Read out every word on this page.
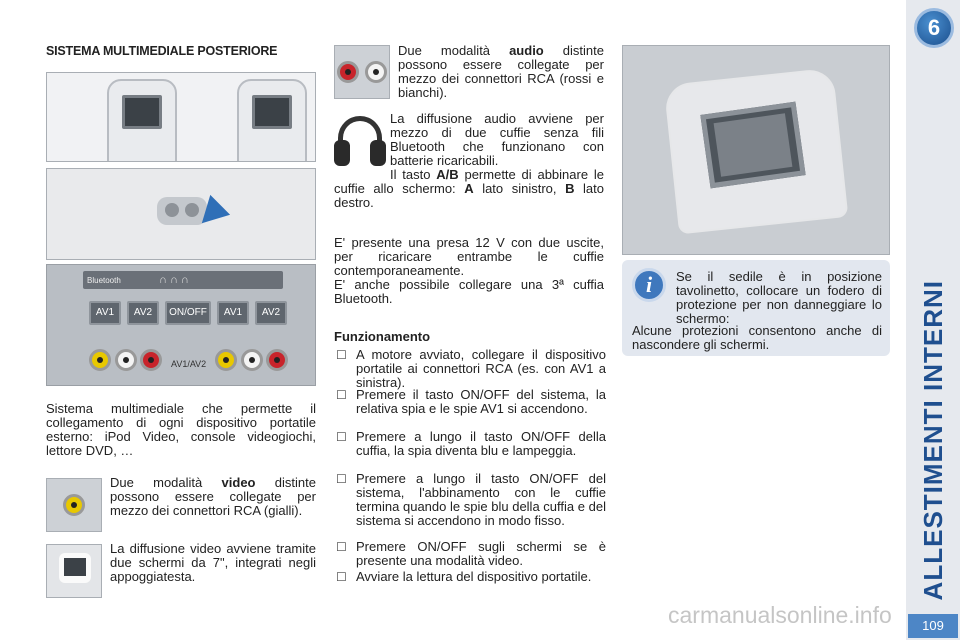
SISTEMA MULTIMEDIALE POSTERIORE
Bluetooth	∩ ∩ ∩
AV1	AV2	ON/OFF	AV1	AV2

AV1/AV2

Sistema multimediale che permette il collegamento di ogni dispositivo portatile esterno: iPod Video, console videogiochi, lettore DVD, …
Due modalità video distinte possono essere collegate per mezzo dei connettori RCA (gialli).
La diffusione video avviene tramite due schermi da 7", integrati negli appoggiatesta.
Due modalità audio distinte possono essere collegate per mezzo dei connettori RCA (rossi e bianchi).
La diffusione audio avviene per mezzo di due cuffie senza fili Bluetooth che funzionano con batterie ricaricabili.
Il tasto A/B permette di abbinare le cuffie allo schermo: A lato sinistro, B lato destro.
E' presente una presa 12 V con due uscite, per ricaricare entrambe le cuffie contemporaneamente.
E' anche possibile collegare una 3ª cuffia Bluetooth.
Funzionamento
☐ A motore avviato, collegare il dispositivo portatile ai connettori RCA (es. con AV1 a sinistra).
☐ Premere il tasto ON/OFF del sistema, la relativa spia e le spie AV1 si accendono.
☐ Premere a lungo il tasto ON/OFF della cuffia, la spia diventa blu e lampeggia.
☐ Premere a lungo il tasto ON/OFF del sistema, l'abbinamento con le cuffie termina quando le spie blu della cuffia e del sistema si accendono in modo fisso.
☐ Premere ON/OFF sugli schermi se è presente una modalità video.
☐ Avviare la lettura del dispositivo portatile.
i	Se il sedile è in posizione tavolinetto, collocare un fodero di protezione per non danneggiare lo schermo:
Alcune protezioni consentono anche di nascondere gli schermi.
6
ALLESTIMENTI INTERNI
109
carmanualsonline.info
